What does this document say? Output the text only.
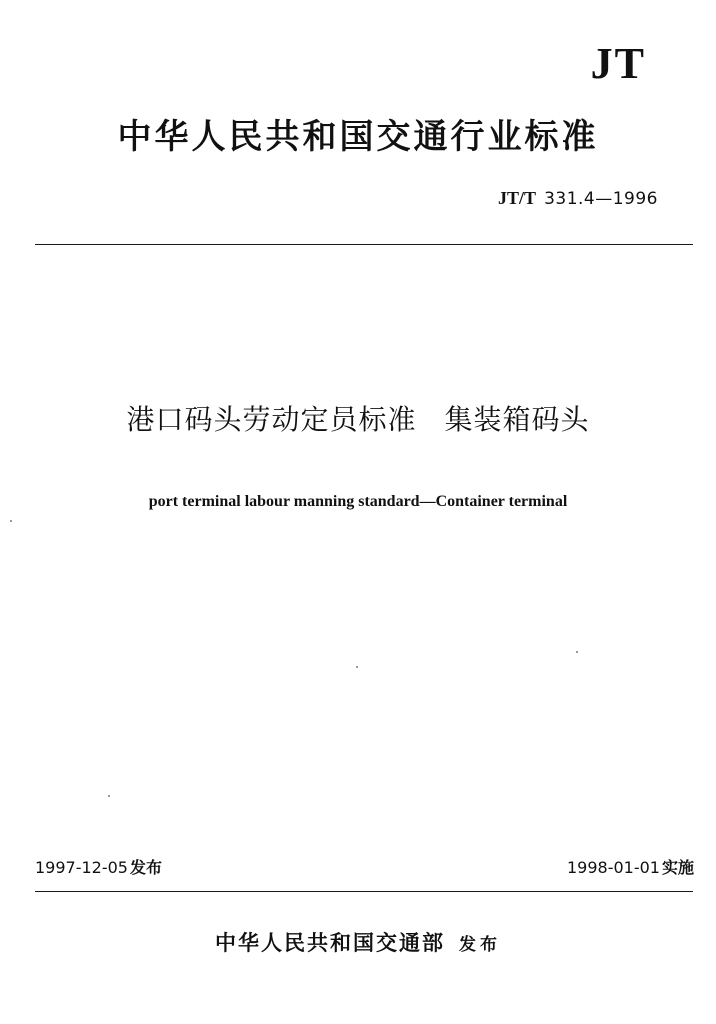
JT
中华人民共和国交通行业标准
JT/T 331.4—1996
港口码头劳动定员标准 集装箱码头
port terminal labour manning standard—Container terminal
1997-12-05 发布	1998-01-01 实施
中华人民共和国交通部 发布
